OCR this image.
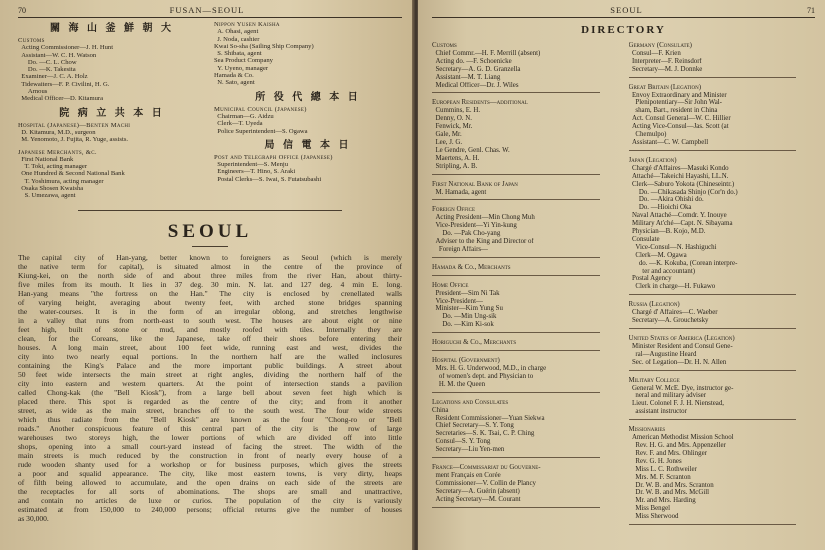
70	FUSAN—SEOUL
關 海 山 釜 鮮 朝 大
Customs
Acting Commissioner—J. H. Hunt
Assistant—W. C. H. Watson
Do. —C. L. Chow
Do. —K. Takesita
Examiner—J. C. A. Holz
Tidewaiters—F. P. Civilini, H. G.
Arnous
Medical Officer—D. Kitamura
院 病 立 共 本 日
Hospital (Japanese)—Benten Machi
D. Kitamura, M.D., surgeon
M. Yenomoto, J. Fujita, R. Yuge, assists.
Japanese Merchants, &c.
First National Bank
T. Toki, acting manager
One Hundred & Second National Bank
T. Yoshimura, acting manager
Osaka Shosen Kwaisha
S. Umezawa, agent
Nippon Yusen Kaisha
A. Ohasi, agent
J. Noda, cashier
Kwai So-sha (Sailing Ship Company)
S. Shibata, agent
Sea Product Company
Y. Uyeno, manager
Hamada & Co.
N. Sato, agent
所 役 代 總 本 日
Municipal Council (Japanese)
Chairman—G. Aidzu
Clerk—T. Uyeda
Police Superintendent—S. Ogawa
局 信 電 本 日
Post and Telegraph Office (Japanese)
Superintendent—S. Menju
Engineers—T. Hino, S. Araki
Postal Clerks—S. Iwai, S. Futatsubashi
SEOUL
The capital city of Han-yang, better known to foreigners as Seoul (which is merely
the native term for capital), is situated almost in the centre of the province of
Kiung-kei, on the north side of and about three miles from the river Han, about thirty-
five miles from its mouth. It lies in 37 deg. 30 min. N. lat. and 127 deg. 4 min E. long.
Han-yang means "the fortress on the Han." The city is enclosed by crenellated walls
of varying height, averaging about twenty feet, with arched stone bridges spanning
the water-courses. It is in the form of an irregular oblong, and stretches lengthwise
in a valley that runs from north-east to south west. The houses are about eight or nine
feet high, built of stone or mud, and mostly roofed with tiles. Internally they are
clean, for the Coreans, like the Japanese, take off their shoes before entering their
houses. A long main street, about 100 feet wide, running east and west, divides the
city into two nearly equal portions. In the northern half are the walled inclosures
containing the King's Palace and the more important public buildings. A street about
50 feet wide intersects the main street at right angles, dividing the northern half of the
city into eastern and western quarters. At the point of intersection stands a pavilion
called Chong-kak (the "Bell Kiosk"), from a large bell about seven feet high which is
placed there. This spot is regarded as the centre of the city; and from it another
street, as wide as the main street, branches off to the south west. The four wide streets
which thus radiate from the "Bell Kiosk" are known as the four "Chong-ro or "Bell
roads." Another conspicuous feature of this central part of the city is the row of large
warehouses two storeys high, the lower portions of which are divided off into little
shops, opening into a small court-yard instead of facing the street. The width of the
main streets is much reduced by the construction in front of nearly every house of a
rude wooden shanty used for a workshop or for business purposes, which gives the streets
a poor and squalid appearance. The city, like most eastern towns, is very dirty, heaps
of filth being allowed to accumulate, and the open drains on each side of the streets are
the receptacles for all sorts of abominations. The shops are small and unattractive,
and contain no articles de luxe or curios. The population of the city is variously
estimated at from 150,000 to 240,000 persons; official returns give the number of houses
as 30,000.
SEOUL	71
DIRECTORY
Customs
Chief Commr.—H. F. Merrill (absent)
Acting do. —F. Schoenicke
Secretary—A. G. D. Granzella
Assistant—M. T. Liang
Medical Officer—Dr. J. Wiles
European Residents—additional
Cummins, E. H.
Denny, O. N.
Fenwick, Mr.
Gale, Mr.
Lee, J. G.
Le Gendre, Genl. Chas. W.
Maertens, A. H.
Stripling, A. B.
First National Bank of Japan
M. Hamada, agent
Foreign Office
Acting President—Min Chong Muh
Vice-President—Yi Yin-kung
Do. —Pak Cho-yang
Adviser to the King and Director of
Foreign Affairs—
Hamada & Co., Merchants
Home Office
President—Sim Ni Tak
Vice-President—
Minister—Kim Yung Su
Do. —Min Ung-sik
Do. —Kim Ki-sok
Horiguchi & Co., Merchants
Hospital (Government)
Mrs. H. G. Underwood, M.D., in charge
of women's dept. and Physician to
H. M. the Queen
Legations and Consulates
China
Resident Commissioner—Yuan Siekwa
Chief Secretary—S. Y. Tong
Secretaries—S. K. Tsai, C. P. Ching
Consul—S. Y. Tong
Secretary—Liu Yen-men
France—Commissariat du Gouverne-
ment Français en Corée
Commissioner—V. Collin de Plancy
Secretary—A. Guérin (absent)
Acting Secretary—M. Courant
Germany (Consulate)
Consul—F. Krien
Interpreter—F. Reinsdorf
Secretary—M. J. Donnke
Great Britain (Legation)
Envoy Extraordinary and Minister
Plenipotentiary—Sir John Wal-
sham, Bart., resident in China
Act. Consul General—W. C. Hillier
Acting Vice-Consul—Jas. Scott (at
Chemulpo)
Assistant—C. W. Campbell
Japan (Legation)
Chargé d'Affaires—Masuki Kondo
Attaché—Takeichi Hayashi, LL.N.
Clerk—Saburo Yokota (Chineseintr.)
Do. —Chikasada Shinjo (Cor'n do.)
Do. —Akira Ohishi do.
Do. —Hioichi Oka
Naval Attaché—Comdr. Y. Inouye
Military At'ché—Capt. N. Sibayama
Physician—B. Kojo, M.D.
Consulate
Vice-Consul—N. Hashiguchi
Clerk—M. Ogawa
do. —K. Kokuba, (Corean interpre-
ter and accountant)
Postal Agency
Clerk in charge—H. Fukawo
Russia (Legation)
Chargé d' Affaires—C. Waeber
Secretary—A. Grouchetsky
United States of America (Legation)
Minister Resident and Consul Gene-
ral—Augustine Heard
Sec. of Legation—Dr. H. N. Allen
Military College
General W. McE. Dye, instructor ge-
neral and military adviser
Lieut. Colonel F. J. H. Nienstead,
assistant instructor
Missionaries
American Methodist Mission School
Rev. H. G. and Mrs. Appenzeller
Rev. F. and Mrs. Ohlinger
Rev. G. H. Jones
Miss L. C. Rothweiler
Mrs. M. F. Scranton
Dr. W. B. and Mrs. Scranton
Dr. W. B. and Mrs. McGill
Mr. and Mrs. Harding
Miss Bengel
Miss Sherwood
